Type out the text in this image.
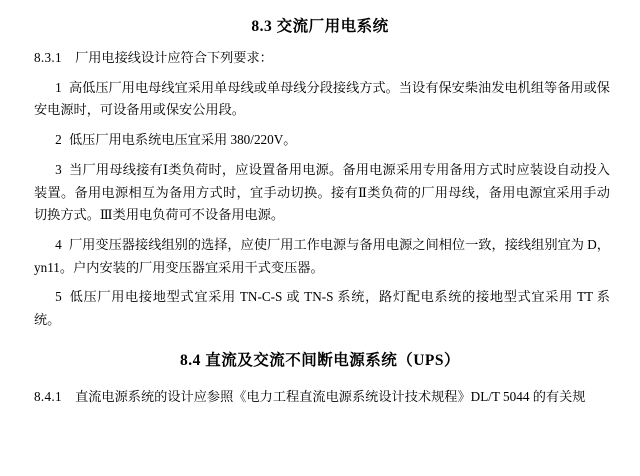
8.3 交流厂用电系统

8.3.1 厂用电接线设计应符合下列要求：

1 高低压厂用电母线宜采用单母线或单母线分段接线方式。当设有保安柴油发电机组等备用或保安电源时，可设备用或保安公用段。

2 低压厂用电系统电压宜采用 380/220V。

3 当厂用母线接有Ⅰ类负荷时，应设置备用电源。备用电源采用专用备用方式时应装设自动投入装置。备用电源相互为备用方式时，宜手动切换。接有Ⅱ类负荷的厂用母线，备用电源宜采用手动切换方式。Ⅲ类用电负荷可不设备用电源。

4 厂用变压器接线组别的选择，应使厂用工作电源与备用电源之间相位一致，接线组别宜为 D，yn11。户内安装的厂用变压器宜采用干式变压器。

5 低压厂用电接地型式宜采用 TN-C-S 或 TN-S 系统，路灯配电系统的接地型式宜采用 TT 系统。

8.4 直流及交流不间断电源系统（UPS）

8.4.1 直流电源系统的设计应参照《电力工程直流电源系统设计技术规程》DL/T 5044 的有关规
